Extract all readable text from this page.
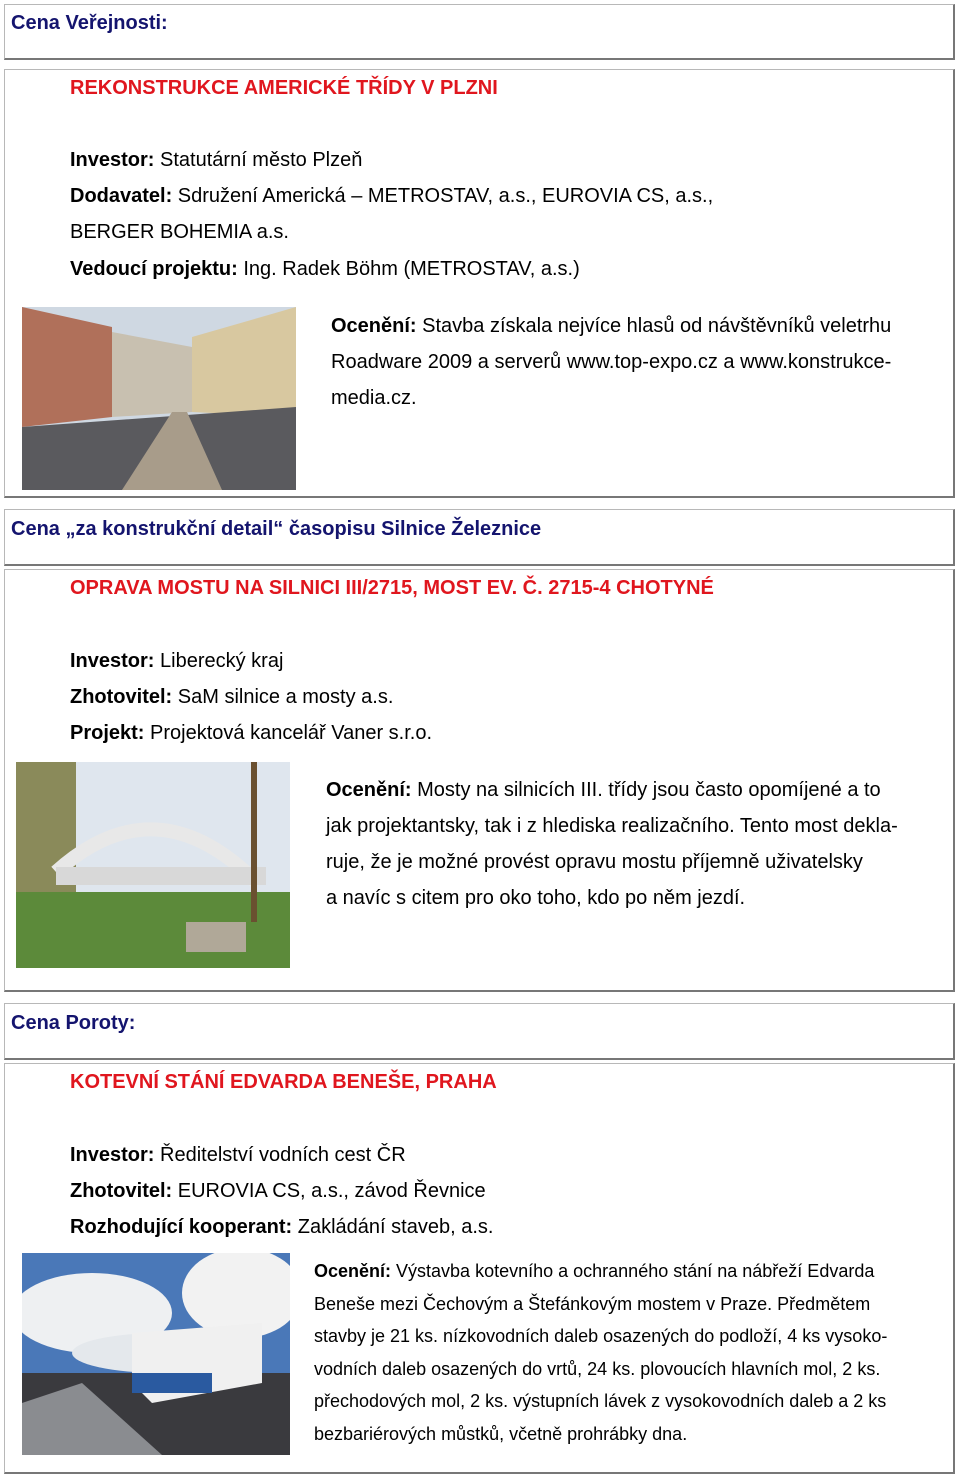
Cena Veřejnosti:
REKONSTRUKCE AMERICKÉ TŘÍDY V PLZNI
Investor: Statutární město Plzeň
Dodavatel: Sdružení Americká – METROSTAV, a.s., EUROVIA CS, a.s.,
BERGER BOHEMIA a.s.
Vedoucí projektu: Ing. Radek Böhm (METROSTAV, a.s.)
Ocenění: Stavba získala nejvíce hlasů od návštěvníků veletrhu
Roadware 2009 a serverů www.top-expo.cz a www.konstrukce-
media.cz.
Cena „za konstrukční detail“ časopisu Silnice Železnice
OPRAVA MOSTU NA SILNICI III/2715, MOST EV. Č. 2715-4 CHOTYNÉ
Investor: Liberecký kraj
Zhotovitel: SaM silnice a mosty a.s.
Projekt: Projektová kancelář Vaner s.r.o.
Ocenění: Mosty na silnicích III. třídy jsou často opomíjené a to
jak projektantsky, tak i z hlediska realizačního. Tento most dekla-
ruje, že je možné provést opravu mostu příjemně uživatelsky
a navíc s citem pro oko toho, kdo po něm jezdí.
Cena Poroty:
KOTEVNÍ STÁNÍ EDVARDA BENEŠE, PRAHA
Investor: Ředitelství vodních cest ČR
Zhotovitel: EUROVIA CS, a.s., závod Řevnice
Rozhodující kooperant: Zakládání staveb, a.s.
Ocenění: Výstavba kotevního a ochranného stání na nábřeží Edvarda
Beneše mezi Čechovým a Štefánkovým mostem v Praze. Předmětem
stavby je 21 ks. nízkovodních daleb osazených do podloží, 4 ks vysoko-
vodních daleb osazených do vrtů, 24 ks. plovoucích hlavních mol, 2 ks.
přechodových mol, 2 ks. výstupních lávek z vysokovodních daleb a 2 ks
bezbariérových můstků, včetně prohrábky dna.
